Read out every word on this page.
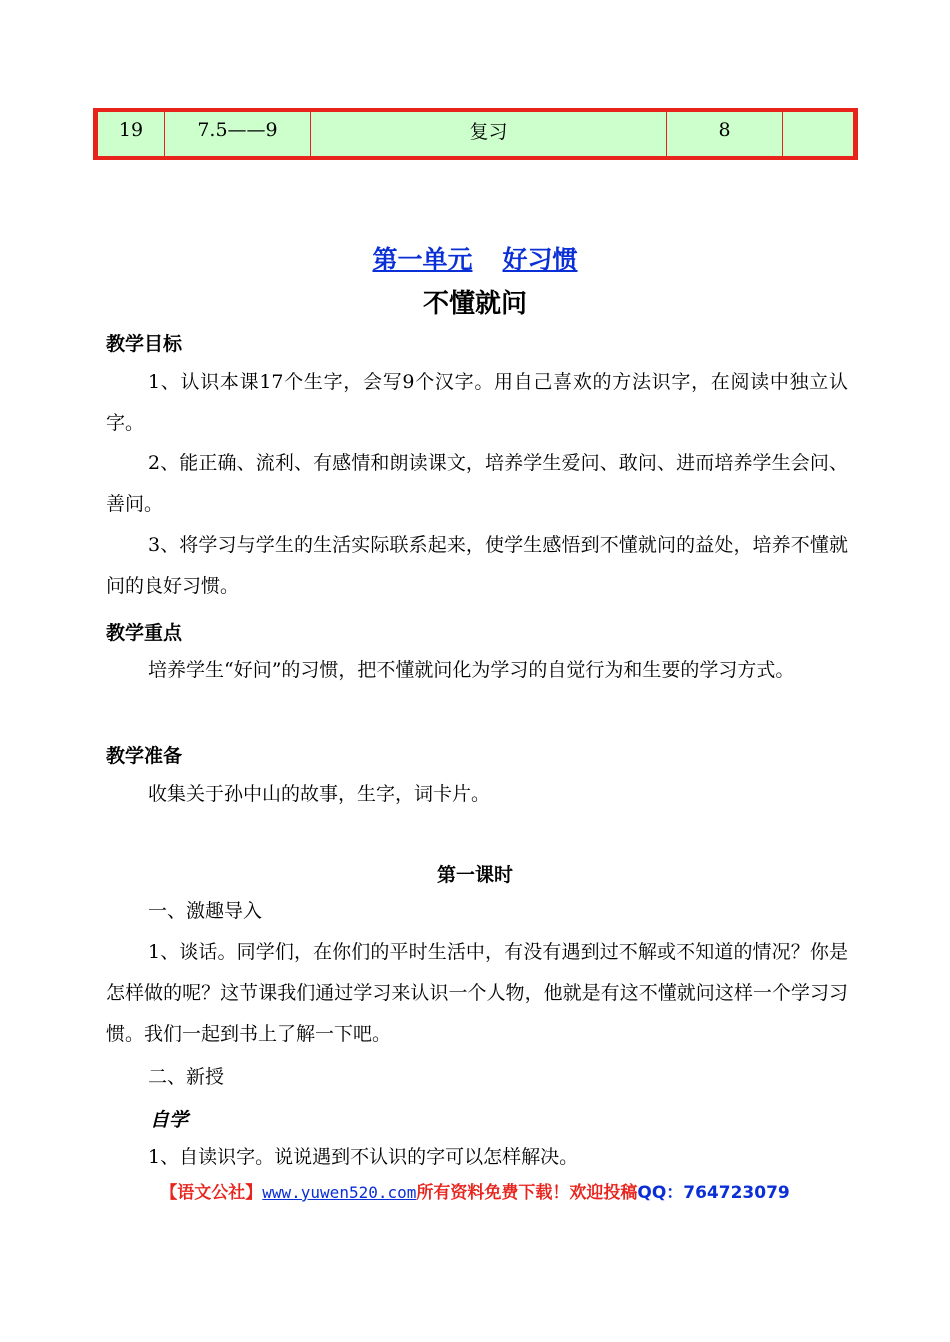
19	7.5——9	复习	8
第一单元 好习惯
不懂就问
教学目标

1、认识本课17个生字，会写9个汉字。用自己喜欢的方法识字，在阅读中独立认字。

2、能正确、流利、有感情和朗读课文，培养学生爱问、敢问、进而培养学生会问、善问。

3、将学习与学生的生活实际联系起来，使学生感悟到不懂就问的益处，培养不懂就问的良好习惯。

教学重点

培养学生“好问”的习惯，把不懂就问化为学习的自觉行为和生要的学习方式。

教学准备

收集关于孙中山的故事，生字，词卡片。

第一课时

一、激趣导入

1、谈话。同学们，在你们的平时生活中，有没有遇到过不解或不知道的情况？你是怎样做的呢？这节课我们通过学习来认识一个人物，他就是有这不懂就问这样一个学习习惯。我们一起到书上了解一下吧。

二、新授

自学

1、自读识字。说说遇到不认识的字可以怎样解决。

【语文公社】www.yuwen520.com所有资料免费下载！欢迎投稿QQ：764723079
